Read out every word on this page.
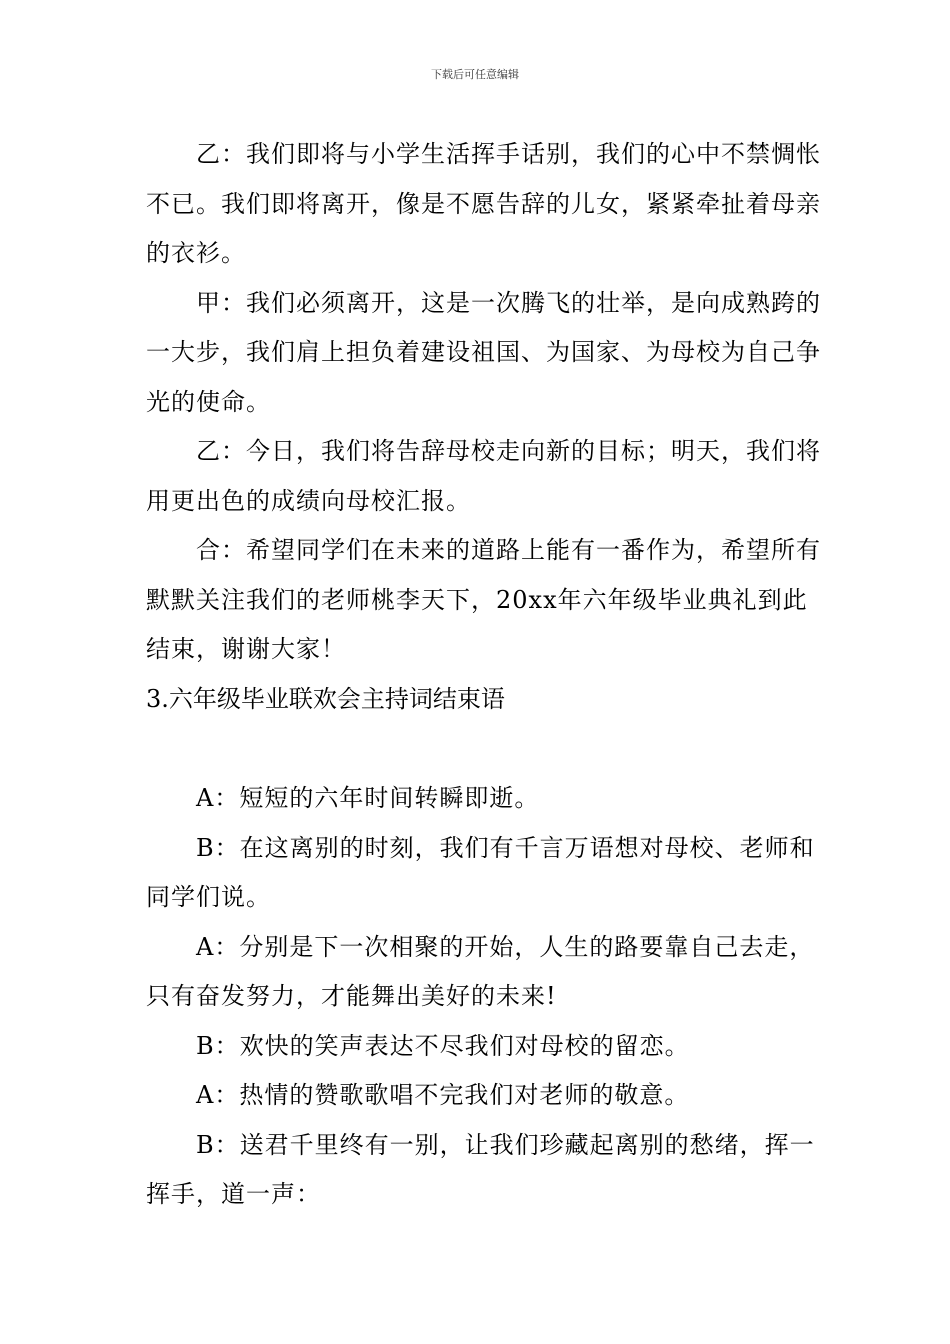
下载后可任意编辑

乙：我们即将与小学生活挥手话别，我们的心中不禁惆怅不已。我们即将离开，像是不愿告辞的儿女，紧紧牵扯着母亲的衣衫。

甲：我们必须离开，这是一次腾飞的壮举，是向成熟跨的一大步，我们肩上担负着建设祖国、为国家、为母校为自己争光的使命。

乙：今日，我们将告辞母校走向新的目标；明天，我们将用更出色的成绩向母校汇报。

合：希望同学们在未来的道路上能有一番作为，希望所有默默关注我们的老师桃李天下，20xx年六年级毕业典礼到此结束，谢谢大家！

3.六年级毕业联欢会主持词结束语

A：短短的六年时间转瞬即逝。

B：在这离别的时刻，我们有千言万语想对母校、老师和同学们说。

A：分别是下一次相聚的开始，人生的路要靠自己去走，只有奋发努力，才能舞出美好的未来!

B：欢快的笑声表达不尽我们对母校的留恋。

A：热情的赞歌歌唱不完我们对老师的敬意。

B：送君千里终有一别，让我们珍藏起离别的愁绪，挥一挥手，道一声：
